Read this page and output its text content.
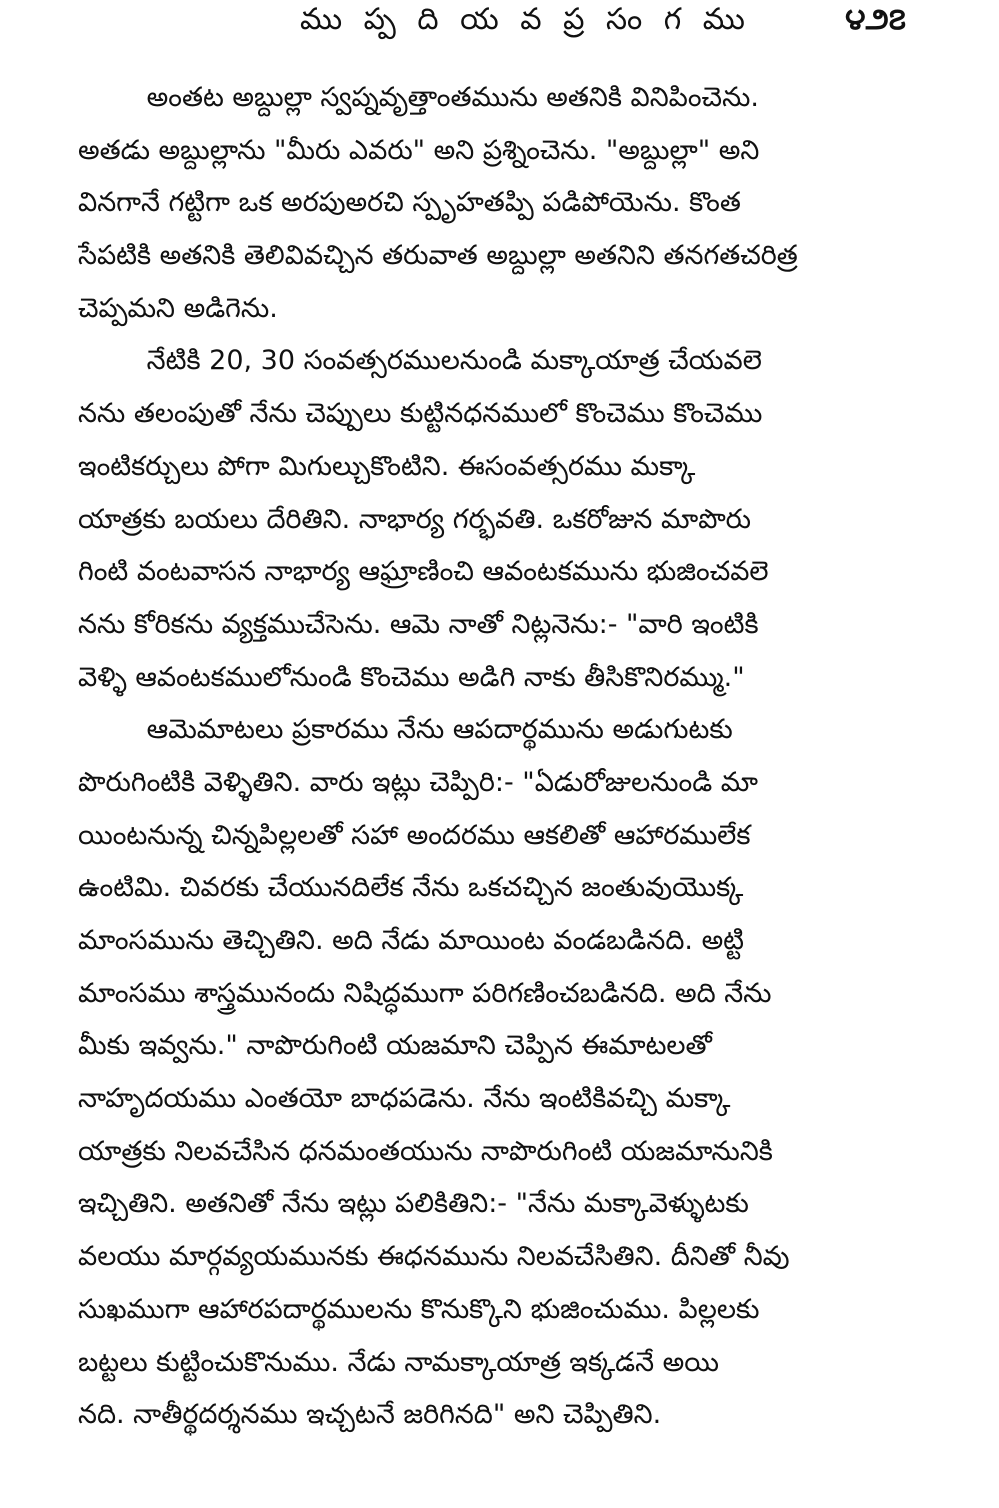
ము ప్ప ది య వ ప్ర సం గ ము	౪౨౭
అంతట అబ్దుల్లా స్వప్నవృత్తాంతమును అతనికి వినిపించెను.
అతడు అబ్దుల్లాను "మీరు ఎవరు" అని ప్రశ్నించెను. "అబ్దుల్లా" అని
వినగానే గట్టిగా ఒక అరపుఅరచి స్పృహతప్పి పడిపోయెను. కొంత
సేపటికి అతనికి తెలివివచ్చిన తరువాత అబ్దుల్లా అతనిని తనగతచరిత్ర
చెప్పమని అడిగెను.
నేటికి 20, 30 సంవత్సరములనుండి మక్కాయాత్ర చేయవలె
నను తలంపుతో నేను చెప్పులు కుట్టినధనములో కొంచెము కొంచెము
ఇంటికర్చులు పోగా మిగుల్చుకొంటిని. ఈసంవత్సరము మక్కా
యాత్రకు బయలు దేరితిని. నాభార్య గర్భవతి. ఒకరోజున మాపొరు
గింటి వంటవాసన నాభార్య ఆఘ్రాణించి ఆవంటకమును భుజించవలె
నను కోరికను వ్యక్తముచేసెను. ఆమె నాతో నిట్లనెను:- "వారి ఇంటికి
వెళ్ళి ఆవంటకములోనుండి కొంచెము అడిగి నాకు తీసికొనిరమ్ము."
ఆమెమాటలు ప్రకారము నేను ఆపదార్థమును అడుగుటకు
పొరుగింటికి వెళ్ళితిని. వారు ఇట్లు చెప్పిరి:- "ఏడురోజులనుండి మా
యింటనున్న చిన్నపిల్లలతో సహా అందరము ఆకలితో ఆహారములేక
ఉంటిమి. చివరకు చేయునదిలేక నేను ఒకచచ్చిన జంతువుయొక్క
మాంసమును తెచ్చితిని. అది నేడు మాయింట వండబడినది. అట్టి
మాంసము శాస్త్రమునందు నిషిద్ధముగా పరిగణించబడినది. అది నేను
మీకు ఇవ్వను." నాపొరుగింటి యజమాని చెప్పిన ఈమాటలతో
నాహృదయము ఎంతయో బాధపడెను. నేను ఇంటికివచ్చి మక్కా
యాత్రకు నిలవచేసిన ధనమంతయును నాపొరుగింటి యజమానునికి
ఇచ్చితిని. అతనితో నేను ఇట్లు పలికితిని:- "నేను మక్కావెళ్ళుటకు
వలయు మార్గవ్యయమునకు ఈధనమును నిలవచేసితిని. దీనితో నీవు
సుఖముగా ఆహారపదార్థములను కొనుక్కొని భుజించుము. పిల్లలకు
బట్టలు కుట్టించుకొనుము. నేడు నామక్కాయాత్ర ఇక్కడనే అయి
నది. నాతీర్థదర్శనము ఇచ్చటనే జరిగినది" అని చెప్పితిని.
